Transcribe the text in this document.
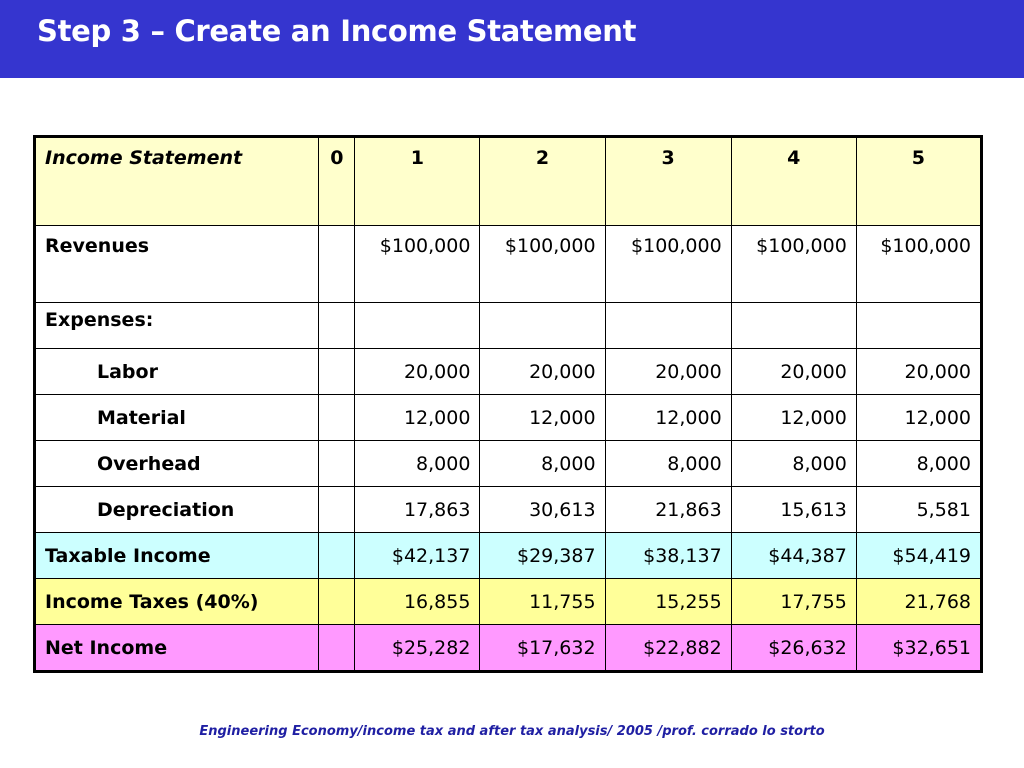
Step 3 – Create an Income Statement
Income Statement	0	1	2	3	4	5
Revenues		$100,000	$100,000	$100,000	$100,000	$100,000
Expenses:						
Labor		20,000	20,000	20,000	20,000	20,000
Material		12,000	12,000	12,000	12,000	12,000
Overhead		8,000	8,000	8,000	8,000	8,000
Depreciation		17,863	30,613	21,863	15,613	5,581
Taxable Income		$42,137	$29,387	$38,137	$44,387	$54,419
Income Taxes (40%)		16,855	11,755	15,255	17,755	21,768
Net Income		$25,282	$17,632	$22,882	$26,632	$32,651
Engineering Economy/income tax and after tax analysis/ 2005 /prof. corrado lo storto
